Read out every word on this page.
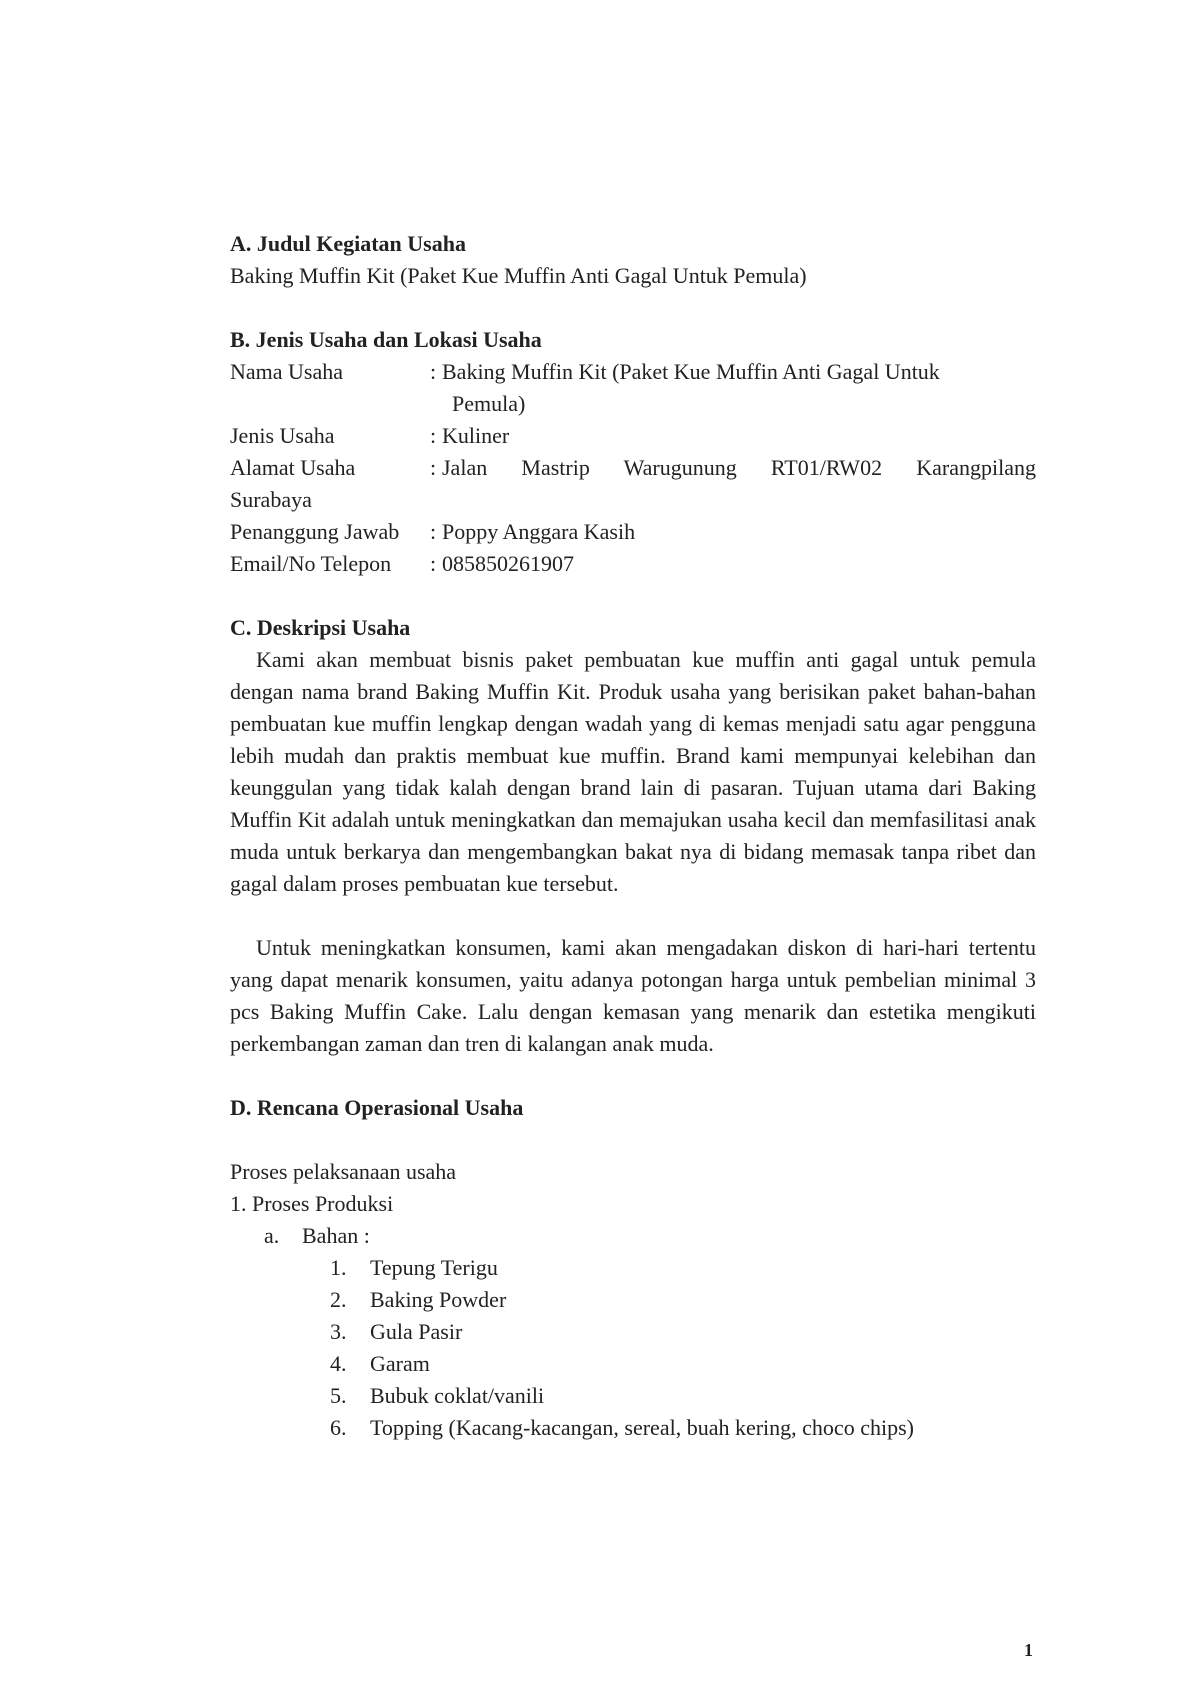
A. Judul Kegiatan Usaha
Baking Muffin Kit (Paket Kue Muffin Anti Gagal Untuk Pemula)
B. Jenis Usaha dan Lokasi Usaha
Nama Usaha	: Baking Muffin Kit (Paket Kue Muffin Anti Gagal Untuk
Pemula)
Jenis Usaha	: Kuliner
Alamat Usaha	: Jalan Mastrip Warugunung RT01/RW02 Karangpilang
Surabaya
Penanggung Jawab	: Poppy Anggara Kasih
Email/No Telepon	: 085850261907
C. Deskripsi Usaha

Kami akan membuat bisnis paket pembuatan kue muffin anti gagal untuk pemula dengan nama brand Baking Muffin Kit. Produk usaha yang berisikan paket bahan-bahan pembuatan kue muffin lengkap dengan wadah yang di kemas menjadi satu agar pengguna lebih mudah dan praktis membuat kue muffin. Brand kami mempunyai kelebihan dan keunggulan yang tidak kalah dengan brand lain di pasaran. Tujuan utama dari Baking Muffin Kit adalah untuk meningkatkan dan memajukan usaha kecil dan memfasilitasi anak muda untuk berkarya dan mengembangkan bakat nya di bidang memasak tanpa ribet dan gagal dalam proses pembuatan kue tersebut.

Untuk meningkatkan konsumen, kami akan mengadakan diskon di hari-hari tertentu yang dapat menarik konsumen, yaitu adanya potongan harga untuk pembelian minimal 3 pcs Baking Muffin Cake. Lalu dengan kemasan yang menarik dan estetika mengikuti perkembangan zaman dan tren di kalangan anak muda.

D. Rencana Operasional Usaha
Proses pelaksanaan usaha
1. Proses Produksi
a.	Bahan :
1.	Tepung Terigu
2.	Baking Powder
3.	Gula Pasir
4.	Garam
5.	Bubuk coklat/vanili
6.	Topping (Kacang-kacangan, sereal, buah kering, choco chips)
1
